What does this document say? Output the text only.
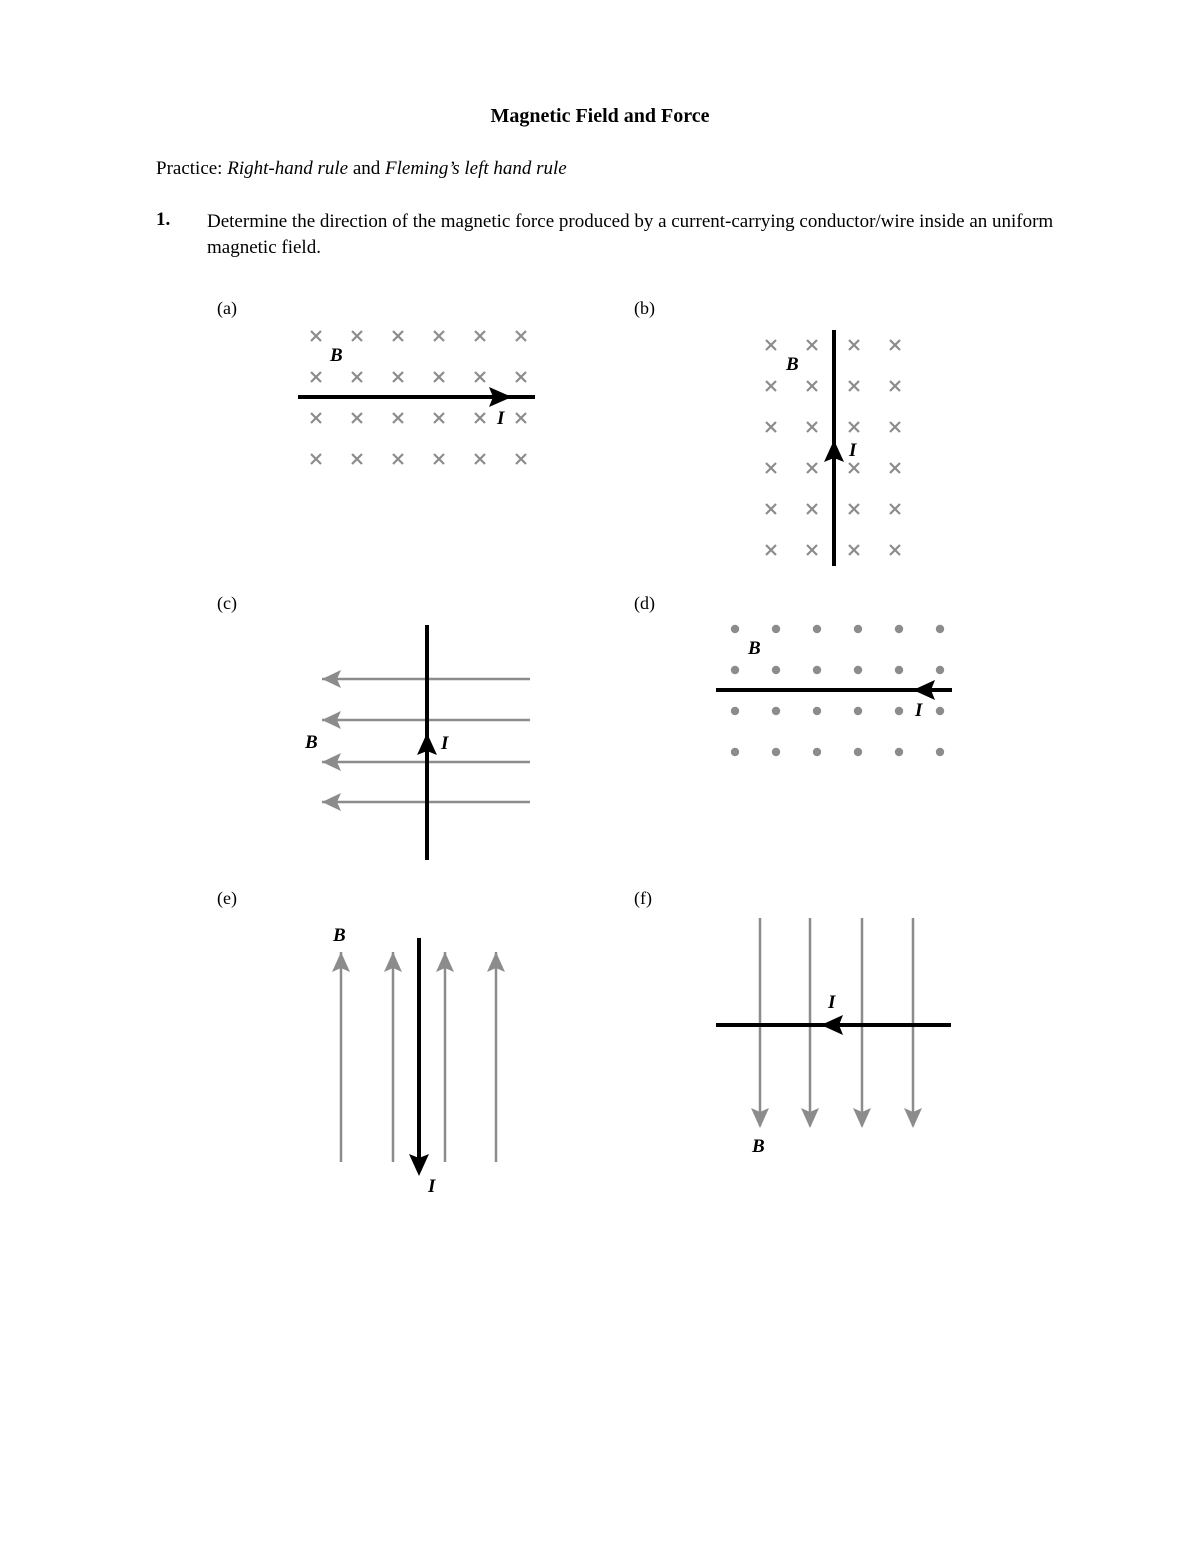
Magnetic Field and Force
Practice: Right-hand rule and Fleming’s left hand rule
1. Determine the direction of the magnetic force produced by a current-carrying conductor/wire inside an uniform magnetic field.
(a)	(b)
(c)	(d)
(e)	(f)
B
I
B
I
B	I
B
I
B
I
B
I
